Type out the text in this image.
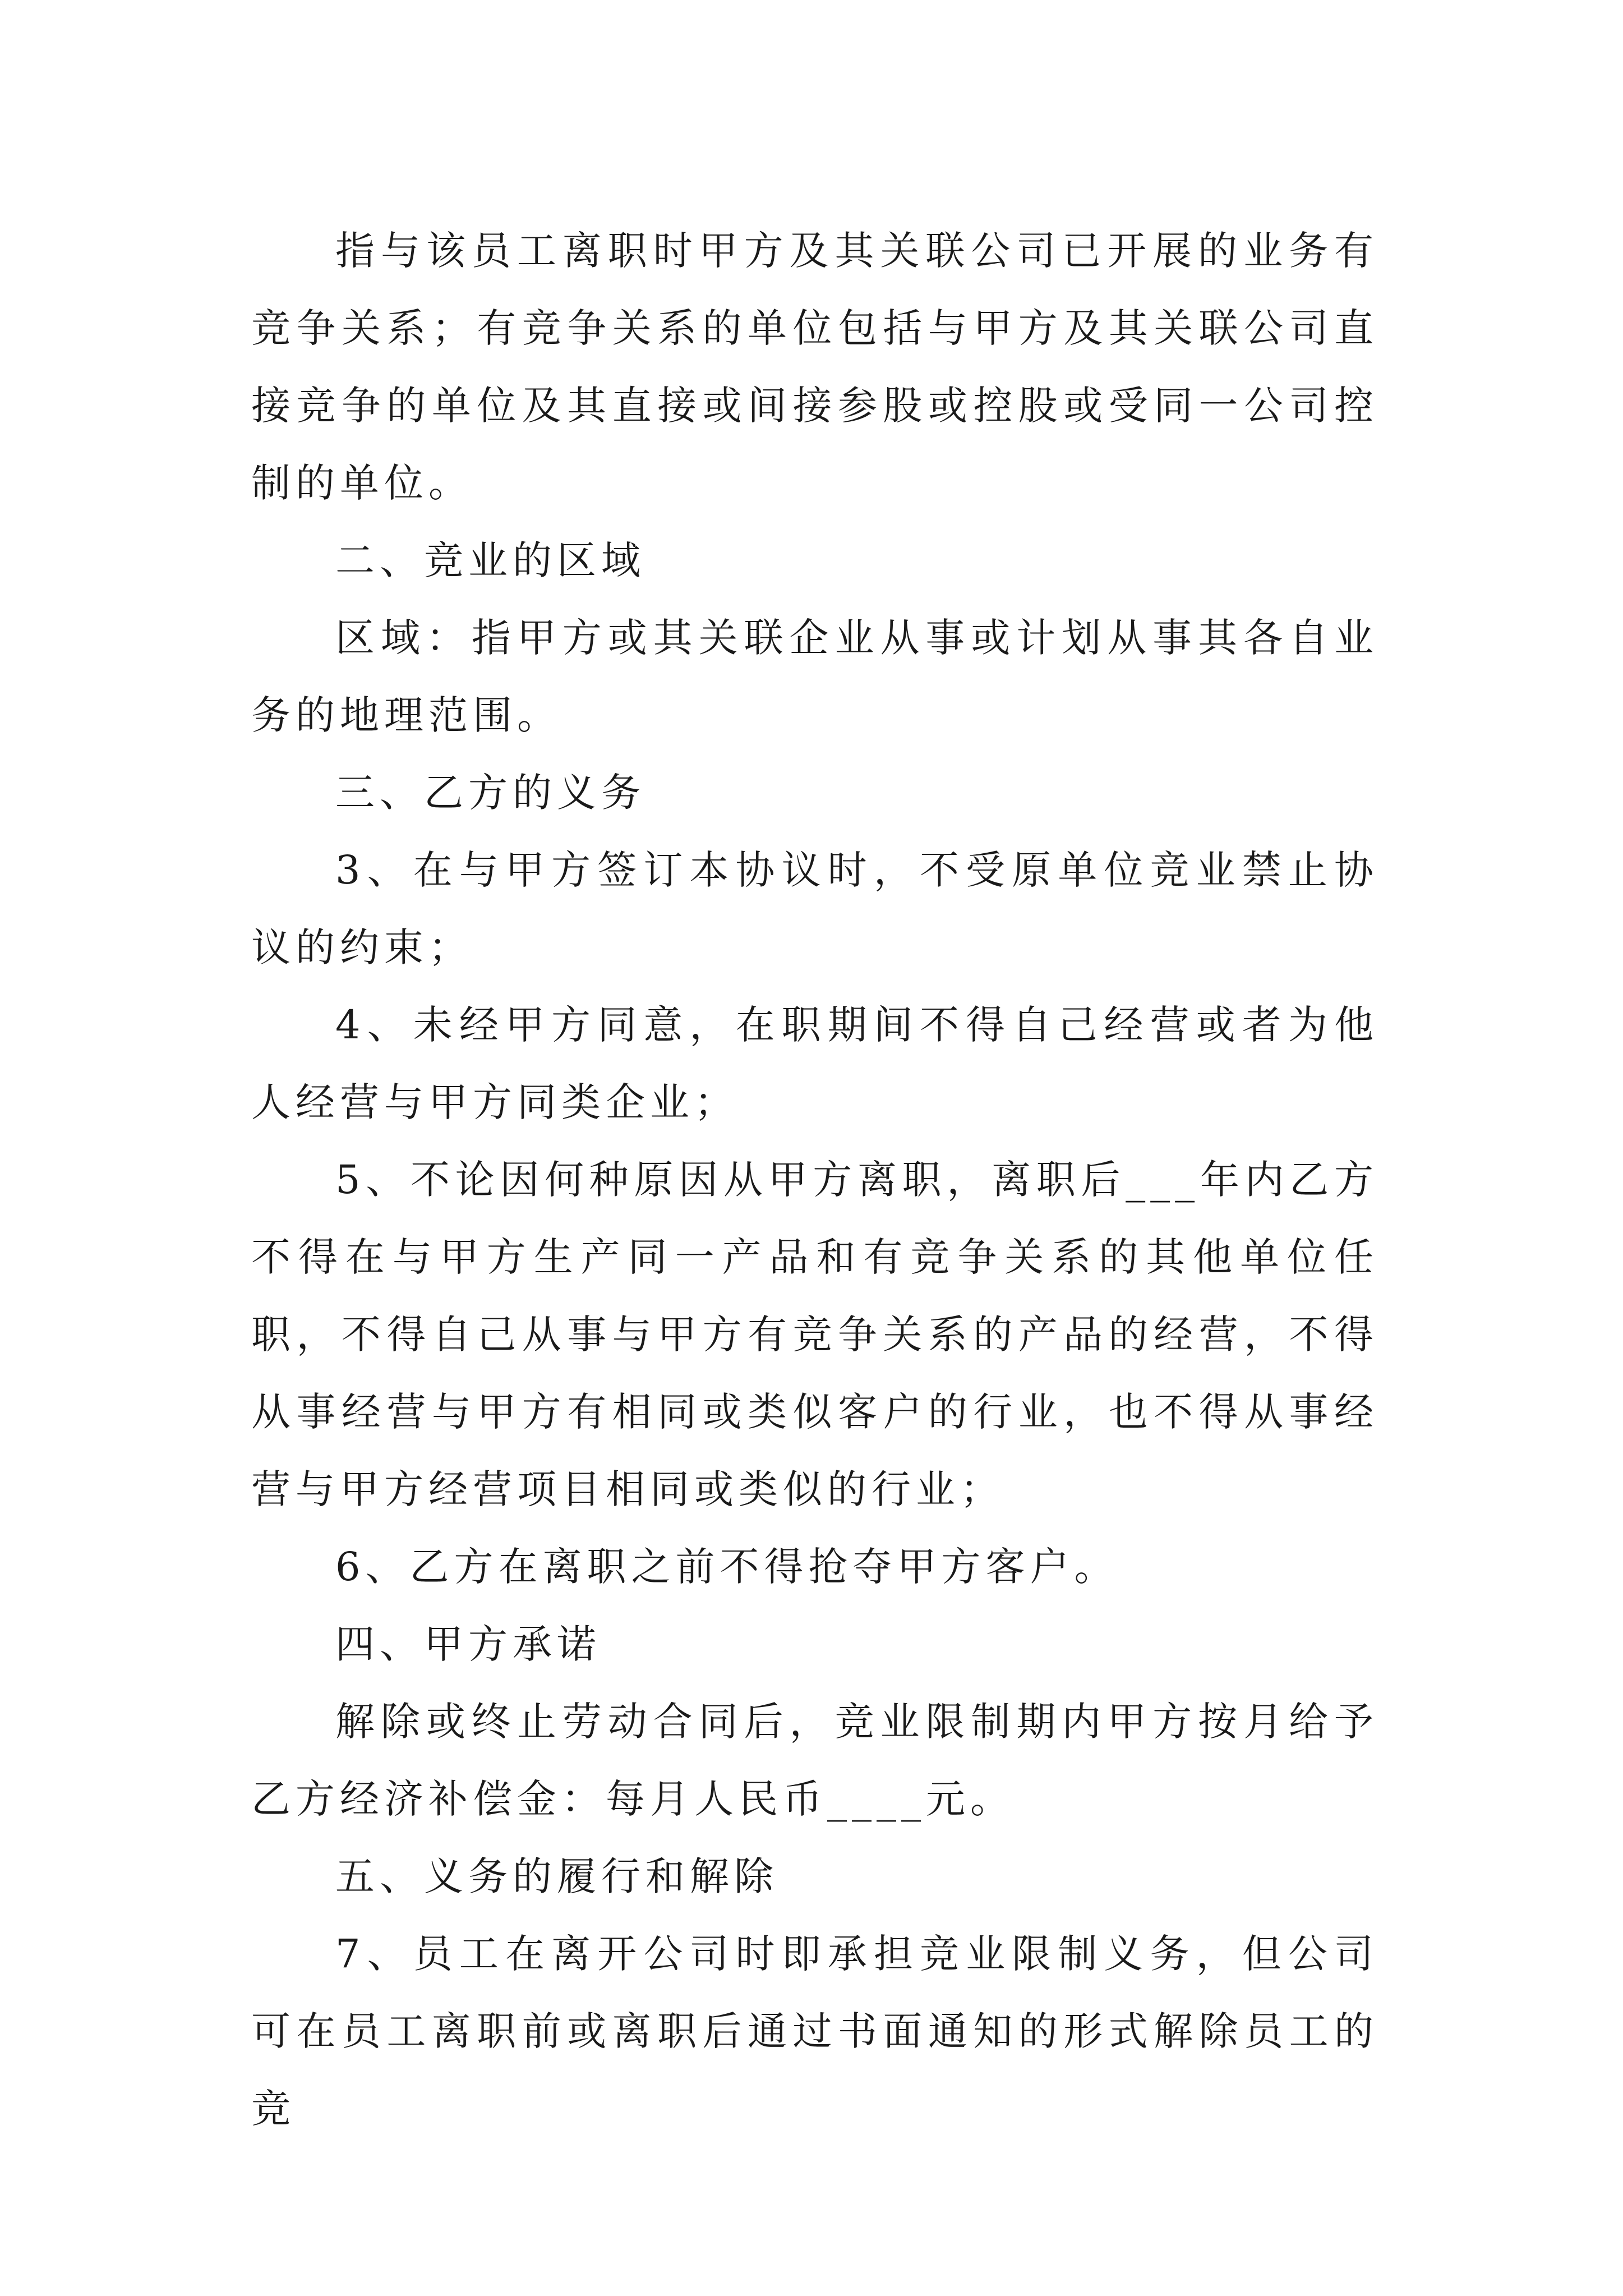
指与该员工离职时甲方及其关联公司已开展的业务有竞争关系；有竞争关系的单位包括与甲方及其关联公司直接竞争的单位及其直接或间接参股或控股或受同一公司控制的单位。

二、竞业的区域

区域：指甲方或其关联企业从事或计划从事其各自业务的地理范围。

三、乙方的义务

3、在与甲方签订本协议时，不受原单位竞业禁止协议的约束；

4、未经甲方同意，在职期间不得自己经营或者为他人经营与甲方同类企业；

5、不论因何种原因从甲方离职，离职后___年内乙方不得在与甲方生产同一产品和有竞争关系的其他单位任职，不得自己从事与甲方有竞争关系的产品的经营，不得从事经营与甲方有相同或类似客户的行业，也不得从事经营与甲方经营项目相同或类似的行业；

6、乙方在离职之前不得抢夺甲方客户。

四、甲方承诺

解除或终止劳动合同后，竞业限制期内甲方按月给予乙方经济补偿金：每月人民币____元。

五、义务的履行和解除

7、员工在离开公司时即承担竞业限制义务，但公司可在员工离职前或离职后通过书面通知的形式解除员工的竞
